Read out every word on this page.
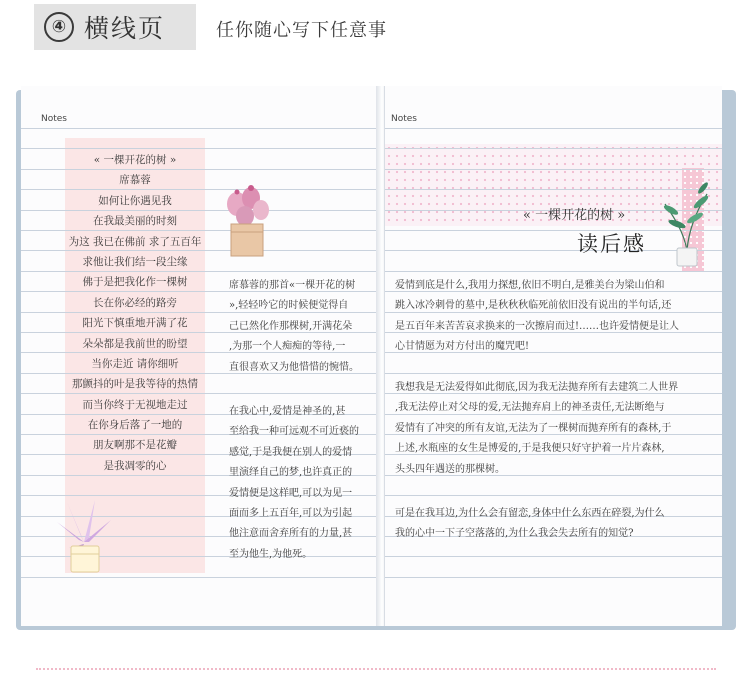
④ 横线页	任你随心写下任意事
Notes
« 一棵开花的树 »
席慕蓉
如何让你遇见我
在我最美丽的时刻
为这 我已在佛前 求了五百年
求他让我们结一段尘缘
佛于是把我化作一棵树
长在你必经的路旁
阳光下慎重地开满了花
朵朵都是我前世的盼望
当你走近 请你细听
那颤抖的叶是我等待的热情
而当你终于无视地走过
在你身后落了一地的
朋友啊那不是花瓣
是我凋零的心
席慕蓉的那首«一棵开花的树
»,轻轻吟它的时候便觉得自
己已然化作那棵树,开满花朵
,为那一个人痴痴的等待,一
直很喜欢又为他惜惜的惋惜。
在我心中,爱情是神圣的,甚
至给我一种可远观不可近亵的
感觉,于是我便在别人的爱情
里演绎自己的梦,也许真正的
爱情便是这样吧,可以为见一
面而多上五百年,可以为引起
他注意而舍弃所有的力量,甚
至为他生,为他死。
Notes
« 一棵开花的树 »
读后感
爱情到底是什么,我用力探想,依旧不明白,是雅美台为梁山伯和
跳入冰冷刺骨的墓中,是秋秋秋临死前依旧没有说出的半句话,还
是五百年来苦苦哀求换来的一次擦肩而过!……也许爱情便是让人
心甘情愿为对方付出的魔咒吧!
我想我是无法爱得如此彻底,因为我无法抛弃所有去建筑二人世界
,我无法停止对父母的爱,无法抛弃肩上的神圣责任,无法断绝与
爱情有了冲突的所有友谊,无法为了一棵树而抛弃所有的森林,于
上述,水瓶座的女生是博爱的,于是我便只好守护着一片片森林,
头头四年遇送的那棵树。
可是在我耳边,为什么会有留恋,身体中什么东西在碎裂,为什么
我的心中一下子空落落的,为什么我会失去所有的知觉?
